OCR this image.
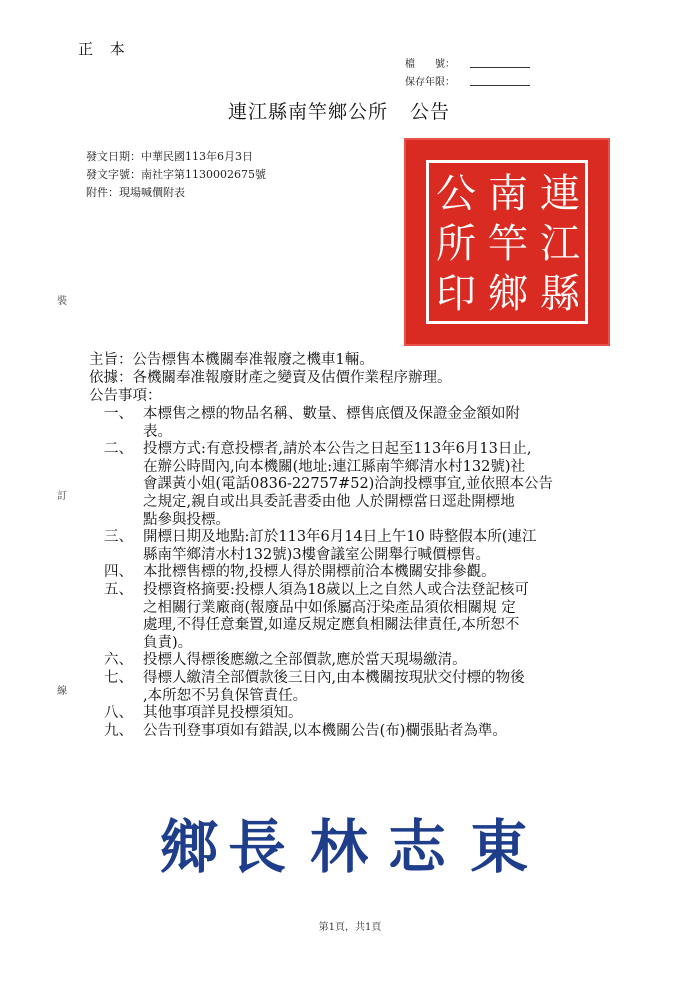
正 本
檔　　號：
保存年限：
連江縣南竿鄉公所 公告
發文日期：中華民國113年6月3日
發文字號：南社字第1130002675號
附件：現場喊價附表
裝
訂
線
連
江
縣
南
竿
鄉
公
所
印
主旨：公告標售本機關奉准報廢之機車1輛。
依據：各機關奉准報廢財產之變賣及估價作業程序辦理。
公告事項：
一、 本標售之標的物品名稱、數量、標售底價及保證金金額如附
表。
二、 投標方式:有意投標者,請於本公告之日起至113年6月13日止,
在辦公時間內,向本機關(地址:連江縣南竿鄉清水村132號)社
會課黃小姐(電話0836-22757#52)洽詢投標事宜,並依照本公告
之規定,親自或出具委託書委由他 人於開標當日逕赴開標地
點參與投標。
三、 開標日期及地點:訂於113年6月14日上午10 時整假本所(連江
縣南竿鄉清水村132號)3樓會議室公開舉行喊價標售。
四、 本批標售標的物,投標人得於開標前洽本機關安排參觀。
五、 投標資格摘要:投標人須為18歲以上之自然人或合法登記核可
之相關行業廠商(報廢品中如係屬高汙染產品須依相關規 定
處理,不得任意棄置,如違反規定應負相關法律責任,本所恕不
負責)。
六、 投標人得標後應繳之全部價款,應於當天現場繳清。
七、 得標人繳清全部價款後三日內,由本機關按現狀交付標的物後
,本所恕不另負保管責任。
八、 其他事項詳見投標須知。
九、 公告刊登事項如有錯誤,以本機關公告(布)欄張貼者為準。
鄉 長 林 志 東
第1頁，共1頁
